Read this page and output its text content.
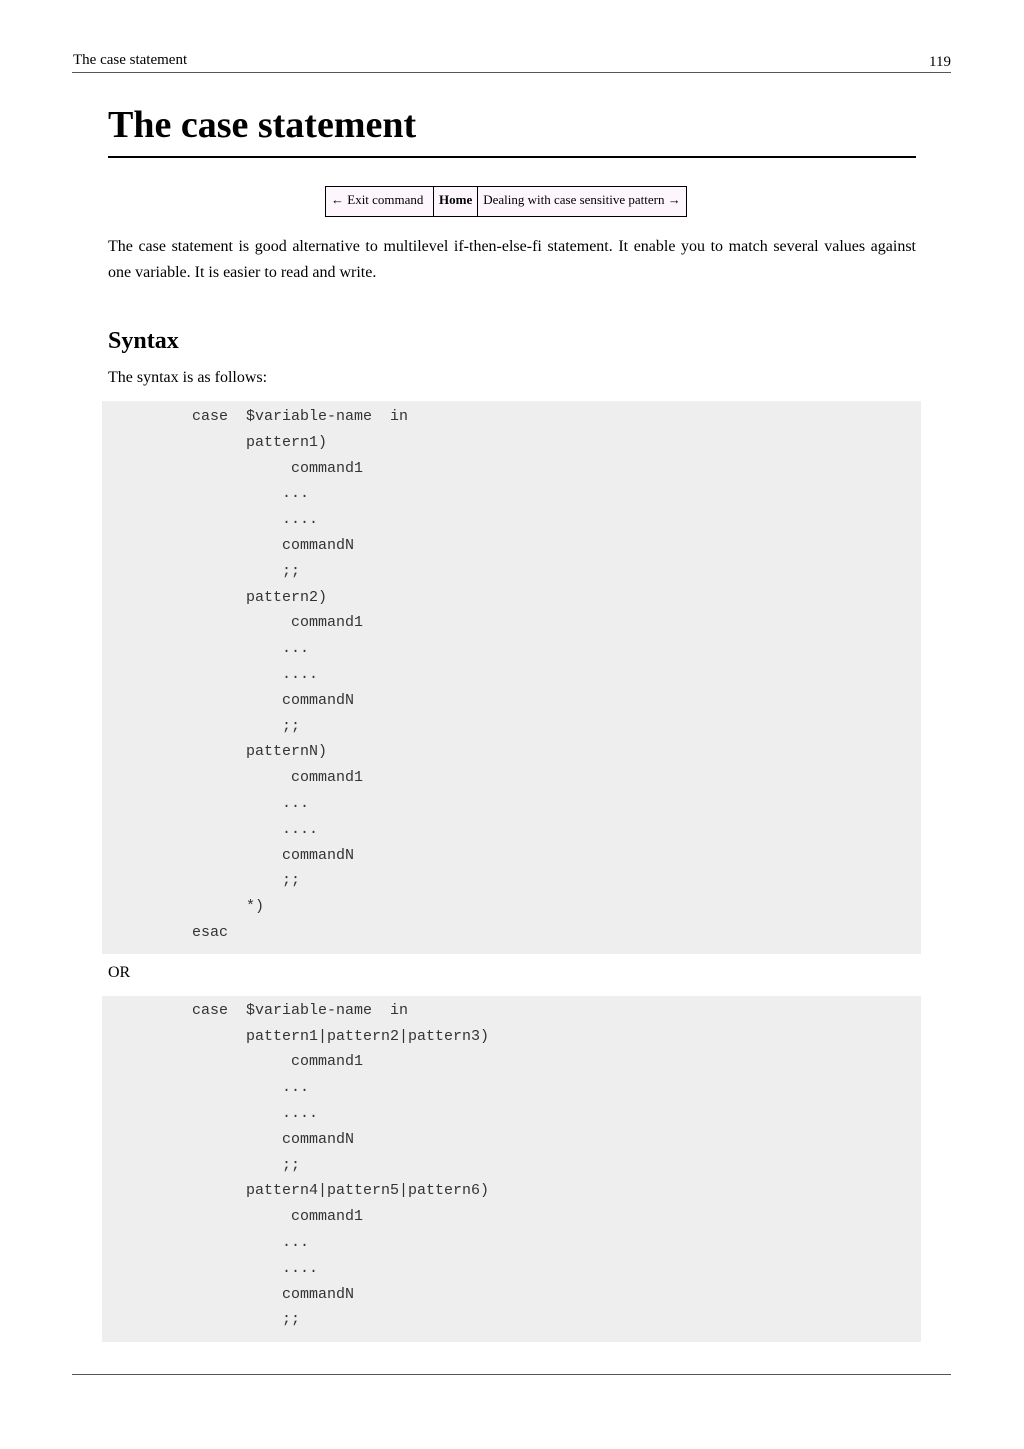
The case statement	119
The case statement
← Exit command	Home	Dealing with case sensitive pattern →

The case statement is good alternative to multilevel if-then-else-fi statement. It enable you to match several values against one variable. It is easier to read and write.

Syntax

The syntax is as follows:

case  $variable-name  in
pattern1)
command1
...
....
commandN
;;
pattern2)
command1
...
....
commandN
;;
patternN)
command1
...
....
commandN
;;
*)
esac

OR

case  $variable-name  in
pattern1|pattern2|pattern3)
command1
...
....
commandN
;;
pattern4|pattern5|pattern6)
command1
...
....
commandN
;;
